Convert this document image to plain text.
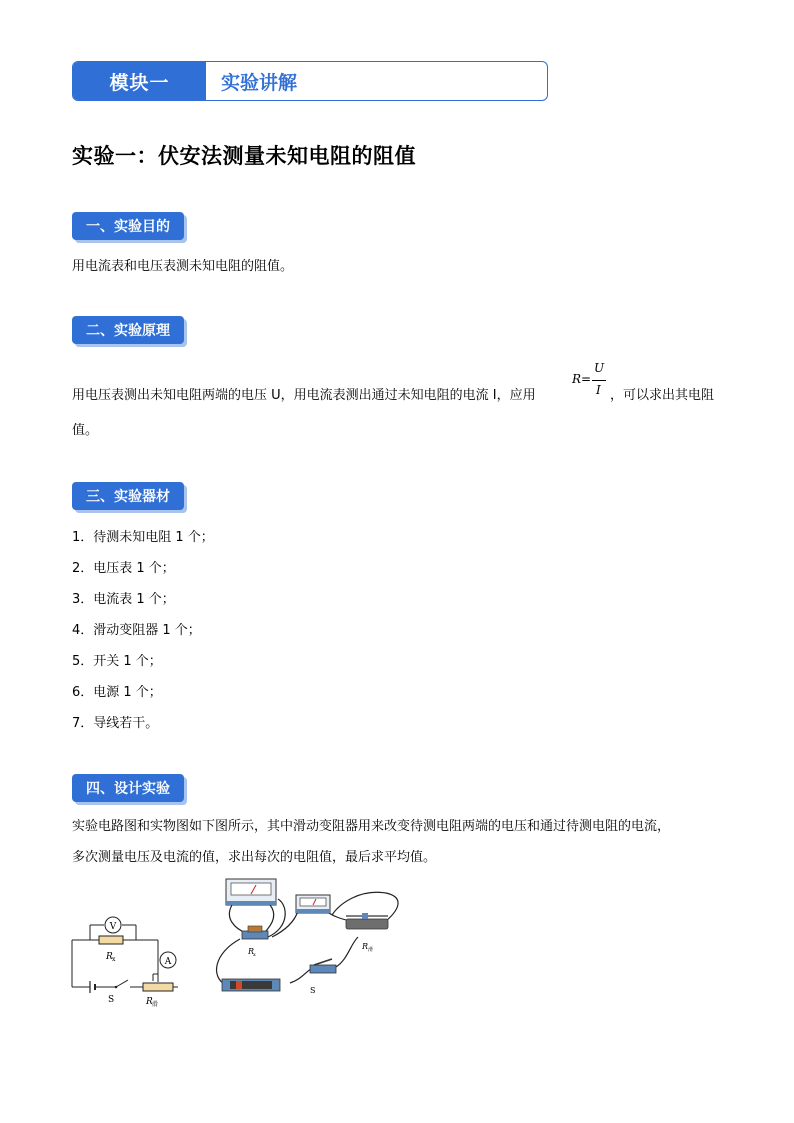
模块一	实验讲解
实验一：伏安法测量未知电阻的阻值
一、实验目的
用电流表和电压表测未知电阻的阻值。
二、实验原理
用电压表测出未知电阻两端的电压 U，用电流表测出通过未知电阻的电流 I，应用
R=
U
I ，可以求出其电阻
值。
三、实验器材
1．待测未知电阻 1 个；
2．电压表 1 个；
3．电流表 1 个；
4．滑动变阻器 1 个；
5．开关 1 个；
6．电源 1 个；
7．导线若干。
四、设计实验
实验电路图和实物图如下图所示，其中滑动变阻器用来改变待测电阻两端的电压和通过待测电阻的电流，
多次测量电压及电流的值，求出每次的电阻值，最后求平均值。
V
R x	A
S	R 滑
R
x
R 滑
S
